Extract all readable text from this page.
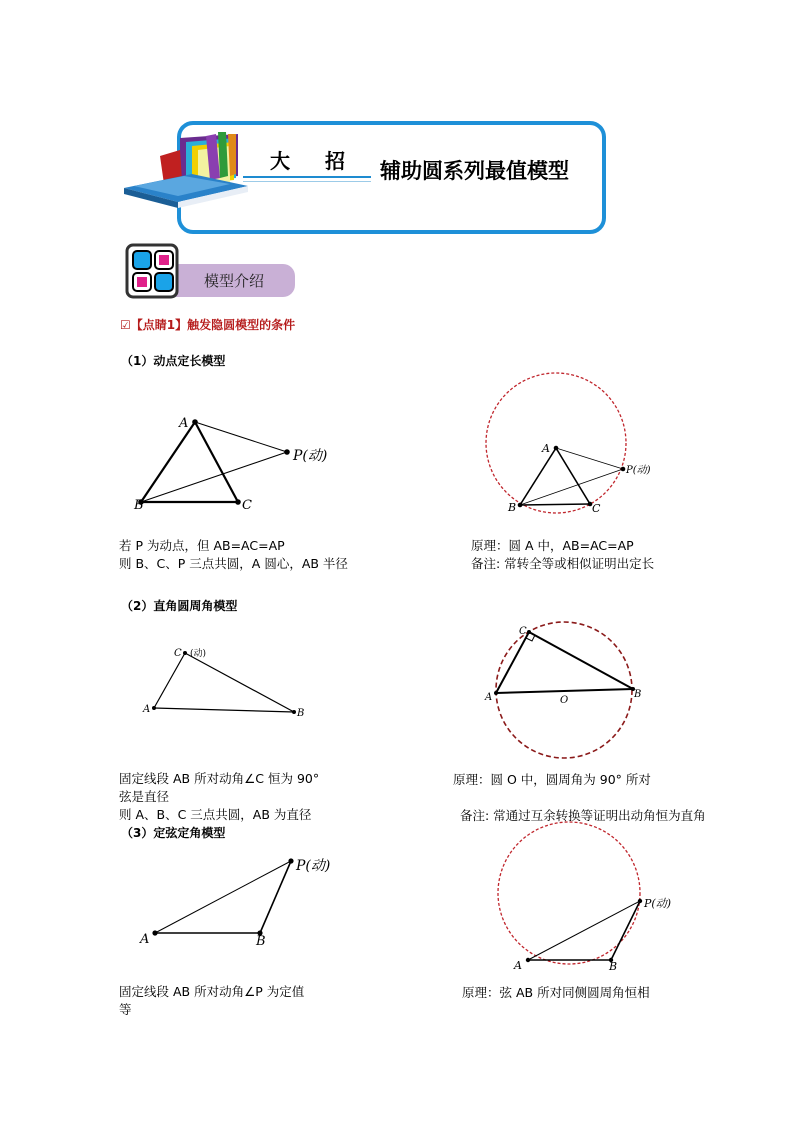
大 招 辅助圆系列最值模型
模型介绍
☑【点睛1】触发隐圆模型的条件
（1）动点定长模型
A
B	C
P(动)	A
B	C
P(动)
若 P 为动点，但 AB=AC=AP
则 B、C、P 三点共圆，A 圆心，AB 半径
原理：圆 A 中，AB=AC=AP
备注: 常转全等或相似证明出定长
（2）直角圆周角模型
C (动)
A	B
C
A	B
O
固定线段 AB 所对动角∠C 恒为 90°
弦是直径
则 A、B、C 三点共圆，AB 为直径
原理：圆 O 中，圆周角为 90° 所对
备注: 常通过互余转换等证明出动角恒为直角
（3）定弦定角模型
A	B
P(动)
A	B
P(动)
固定线段 AB 所对动角∠P 为定值
等
原理：弦 AB 所对同侧圆周角恒相
